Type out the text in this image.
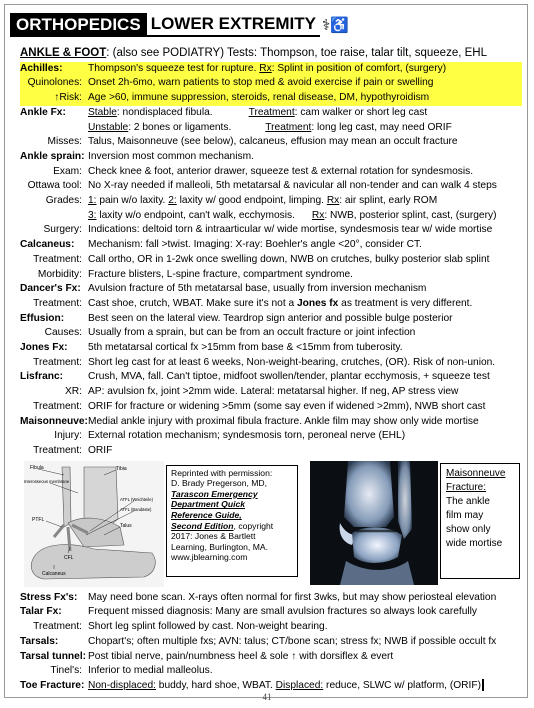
ORTHOPEDICS LOWER EXTREMITY ⚕♿
ANKLE & FOOT: (also see PODIATRY) Tests: Thompson, toe raise, talar tilt, squeeze, EHL
Achilles:	Thompson's squeeze test for rupture. Rx: Splint in position of comfort, (surgery)
Quinolones: Onset 2h-6mo, warn patients to stop med & avoid exercise if pain or swelling
↑Risk: Age >60, immune suppression, steroids, renal disease, DM, hypothyroidism
Ankle Fx:	Stable: nondisplaced fibula.	Treatment: cam walker or short leg cast
Unstable: 2 bones or ligaments.	Treatment: long leg cast, may need ORIF
Misses: Talus, Maisonneuve (see below), calcaneus, effusion may mean an occult fracture
Ankle sprain: Inversion most common mechanism.
Exam: Check knee & foot, anterior drawer, squeeze test & external rotation for syndesmosis.
Ottawa tool: No X-ray needed if malleoli, 5th metatarsal & navicular all non-tender and can walk 4 steps
Grades: 1: pain w/o laxity. 2: laxity w/ good endpoint, limping. Rx: air splint, early ROM
3: laxity w/o endpoint, can't walk, ecchymosis.      Rx: NWB, posterior splint, cast, (surgery)
Surgery: Indications: deltoid torn & intraarticular w/ wide mortise, syndesmosis tear w/ wide mortise
Calcaneus:	Mechanism: fall >twist. Imaging: X-ray: Boehler's angle <20°, consider CT.
Treatment: Call ortho, OR in 1-2wk once swelling down, NWB on crutches, bulky posterior slab splint
Morbidity: Fracture blisters, L-spine fracture, compartment syndrome.
Dancer's Fx: Avulsion fracture of 5th metatarsal base, usually from inversion mechanism
Treatment: Cast shoe, crutch, WBAT. Make sure it's not a Jones fx as treatment is very different.
Effusion:	Best seen on the lateral view. Teardrop sign anterior and possible bulge posterior
Causes: Usually from a sprain, but can be from an occult fracture or joint infection
Jones Fx:	5th metatarsal cortical fx >15mm from base & <15mm from tuberosity.
Treatment: Short leg cast for at least 6 weeks, Non-weight-bearing, crutches, (OR). Risk of non-union.
Lisfranc:	Crush, MVA, fall. Can't tiptoe, midfoot swollen/tender, plantar ecchymosis, + squeeze test
XR: AP: avulsion fx, joint >2mm wide. Lateral: metatarsal higher. If neg, AP stress view
Treatment: ORIF for fracture or widening >5mm (some say even if widened >2mm), NWB short cast
Maisonneuve: Medial ankle injury with proximal fibula fracture. Ankle film may show only wide mortise
Injury: External rotation mechanism; syndesmosis torn, peroneal nerve (EHL)
Treatment: ORIF
Fibula	Tibia
Interosseous membrane
ATFL (Weichteile)
ATFL (Bandäste)
PTFL
Talus
CFL
Calcaneus
Reprinted with permission:
D. Brady Pregerson, MD,
Tarascon Emergency
Department Quick
Reference Guide,
Second Edition, copyright
2017: Jones & Bartlett
Learning, Burlington, MA.
www.jblearning.com
Maisonneuve
Fracture:
The ankle
film may
show only
wide mortise
Stress Fx's:	May need bone scan. X-rays often normal for first 3wks, but may show periosteal elevation
Talar Fx:	Frequent missed diagnosis: Many are small avulsion fractures so always look carefully
Treatment: Short leg splint followed by cast. Non-weight bearing.
Tarsals:	Chopart's; often multiple fxs; AVN: talus; CT/bone scan; stress fx; NWB if possible occult fx
Tarsal tunnel: Post tibial nerve, pain/numbness heel & sole ↑ with dorsiflex & evert
Tinel's: Inferior to medial malleolus.
Toe Fracture: Non-displaced: buddy, hard shoe, WBAT. Displaced: reduce, SLWC w/ platform, (ORIF)
41
